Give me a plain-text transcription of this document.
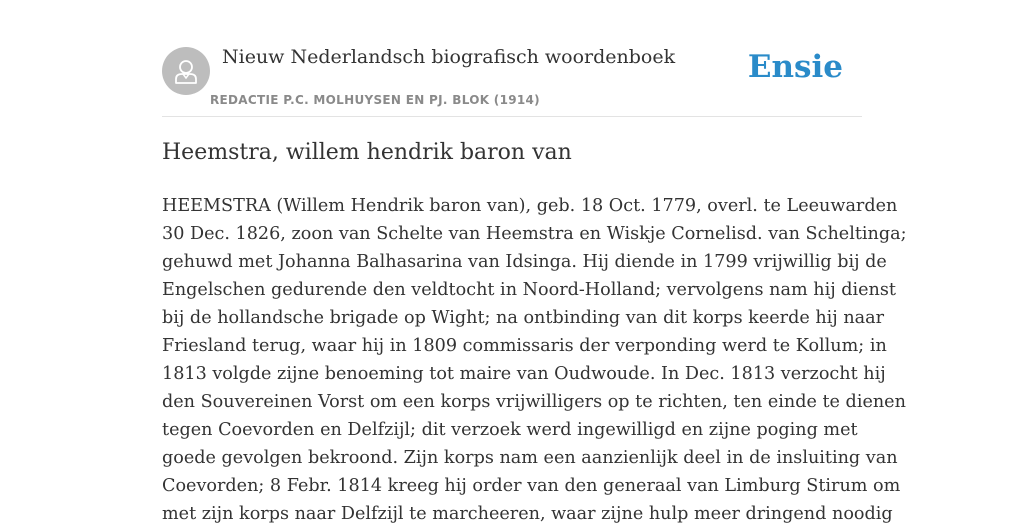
Nieuw Nederlandsch biografisch woordenboek
REDACTIE P.C. MOLHUYSEN EN PJ. BLOK (1914)
Ensie
Heemstra, willem hendrik baron van
HEEMSTRA (Willem Hendrik baron van), geb. 18 Oct. 1779, overl. te Leeuwarden
30 Dec. 1826, zoon van Schelte van Heemstra en Wiskje Cornelisd. van Scheltinga;
gehuwd met Johanna Balhasarina van Idsinga. Hij diende in 1799 vrijwillig bij de
Engelschen gedurende den veldtocht in Noord-Holland; vervolgens nam hij dienst
bij de hollandsche brigade op Wight; na ontbinding van dit korps keerde hij naar
Friesland terug, waar hij in 1809 commissaris der verponding werd te Kollum; in
1813 volgde zijne benoeming tot maire van Oudwoude. In Dec. 1813 verzocht hij
den Souvereinen Vorst om een korps vrijwilligers op te richten, ten einde te dienen
tegen Coevorden en Delfzijl; dit verzoek werd ingewilligd en zijne poging met
goede gevolgen bekroond. Zijn korps nam een aanzienlijk deel in de insluiting van
Coevorden; 8 Febr. 1814 kreeg hij order van den generaal van Limburg Stirum om
met zijn korps naar Delfzijl te marcheeren, waar zijne hulp meer dringend noodig
